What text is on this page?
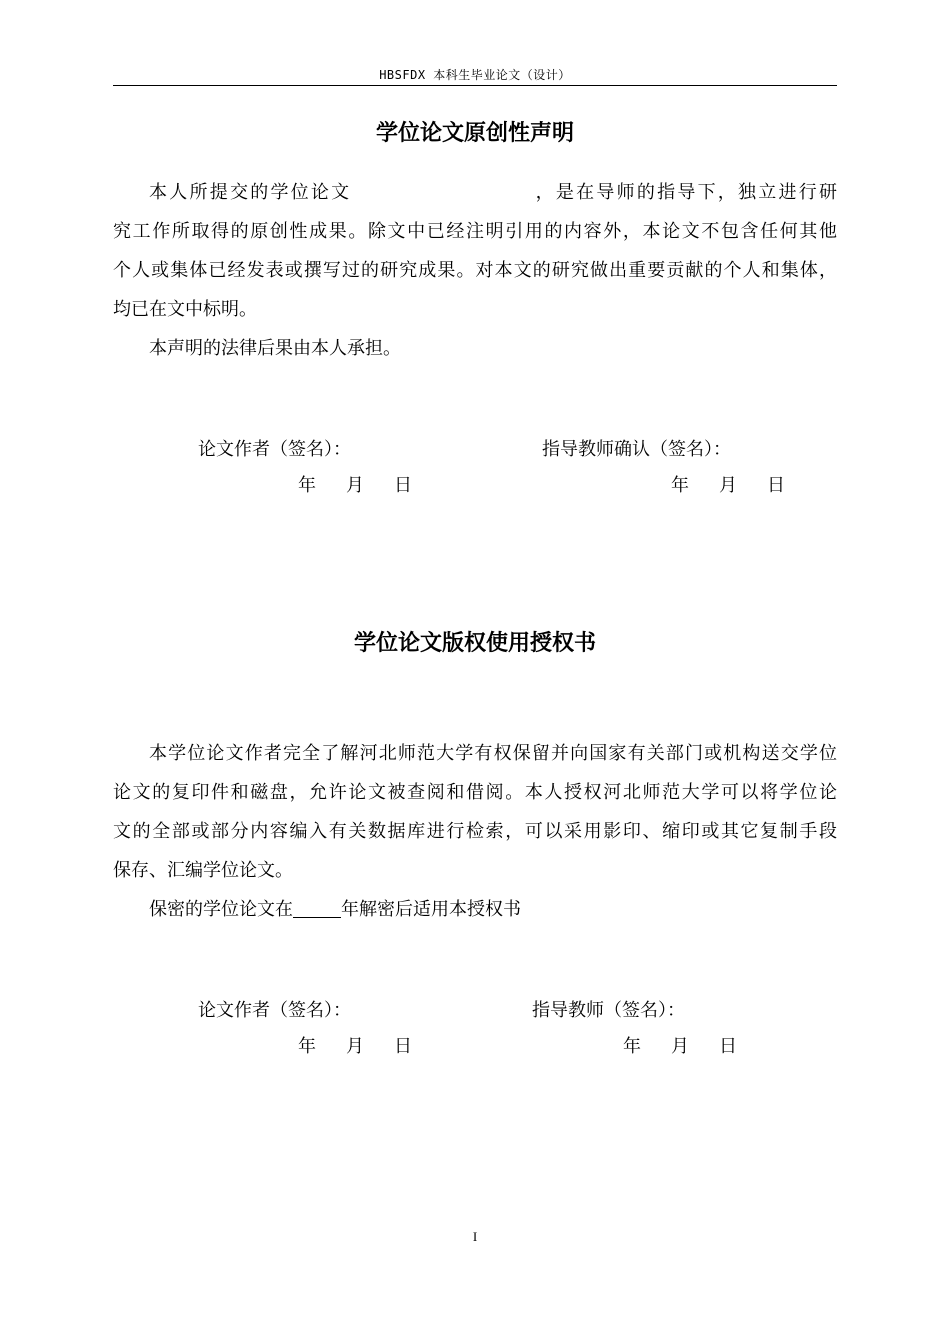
HBSFDX 本科生毕业论文（设计）
学位论文原创性声明
本人所提交的学位论文	，是在导师的指导下，独立进行研
究工作所取得的原创性成果。除文中已经注明引用的内容外，本论文不包含任何其他
个人或集体已经发表或撰写过的研究成果。对本文的研究做出重要贡献的个人和集体，
均已在文中标明。
本声明的法律后果由本人承担。
论文作者（签名）：	指导教师确认（签名）：
年 月 日	年 月 日
学位论文版权使用授权书
本学位论文作者完全了解河北师范大学有权保留并向国家有关部门或机构送交学位
论文的复印件和磁盘，允许论文被查阅和借阅。本人授权河北师范大学可以将学位论
文的全部或部分内容编入有关数据库进行检索，可以采用影印、缩印或其它复制手段
保存、汇编学位论文。
保密的学位论文在	年解密后适用本授权书
论文作者（签名）：	指导教师（签名）：
年 月 日	年 月 日
I
